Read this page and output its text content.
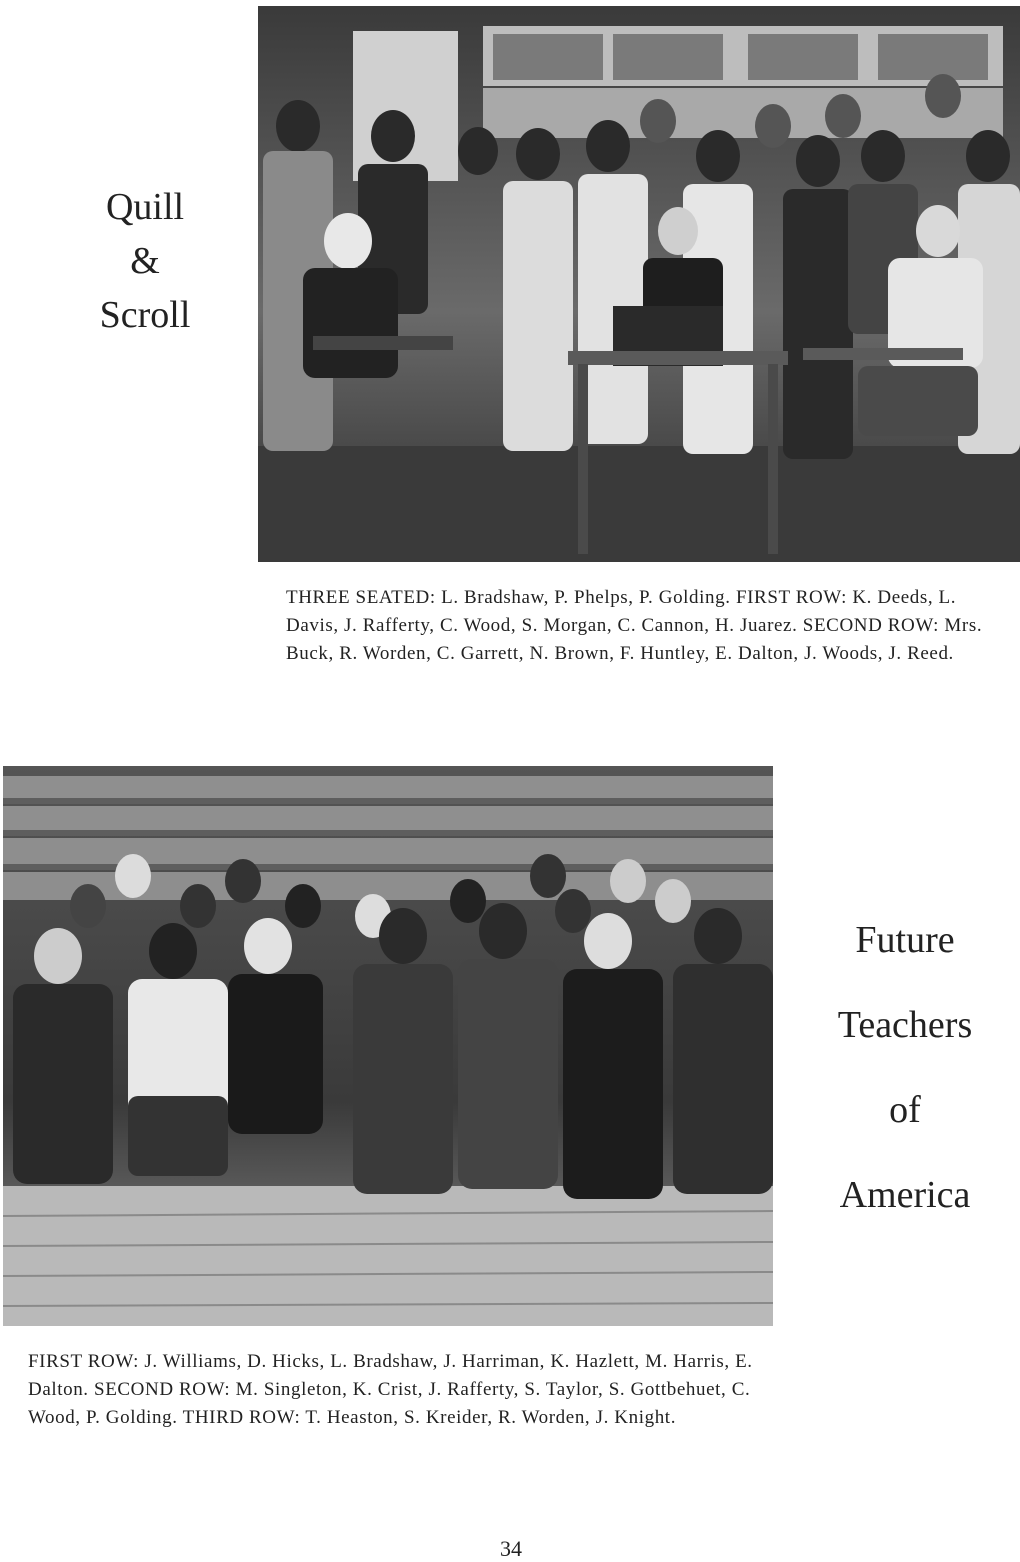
Quill
&
Scroll

THREE SEATED: L. Bradshaw, P. Phelps, P. Golding. FIRST ROW: K. Deeds, L. Davis, J. Rafferty, C. Wood, S. Morgan, C. Cannon, H. Juarez. SECOND ROW: Mrs. Buck, R. Worden, C. Garrett, N. Brown, F. Huntley, E. Dalton, J. Woods, J. Reed.

Future
Teachers
of
America

FIRST ROW: J. Williams, D. Hicks, L. Bradshaw, J. Harriman, K. Hazlett, M. Harris, E. Dalton. SECOND ROW: M. Singleton, K. Crist, J. Rafferty, S. Taylor, S. Gottbehuet, C. Wood, P. Golding. THIRD ROW: T. Heaston, S. Kreider, R. Worden, J. Knight.

34
